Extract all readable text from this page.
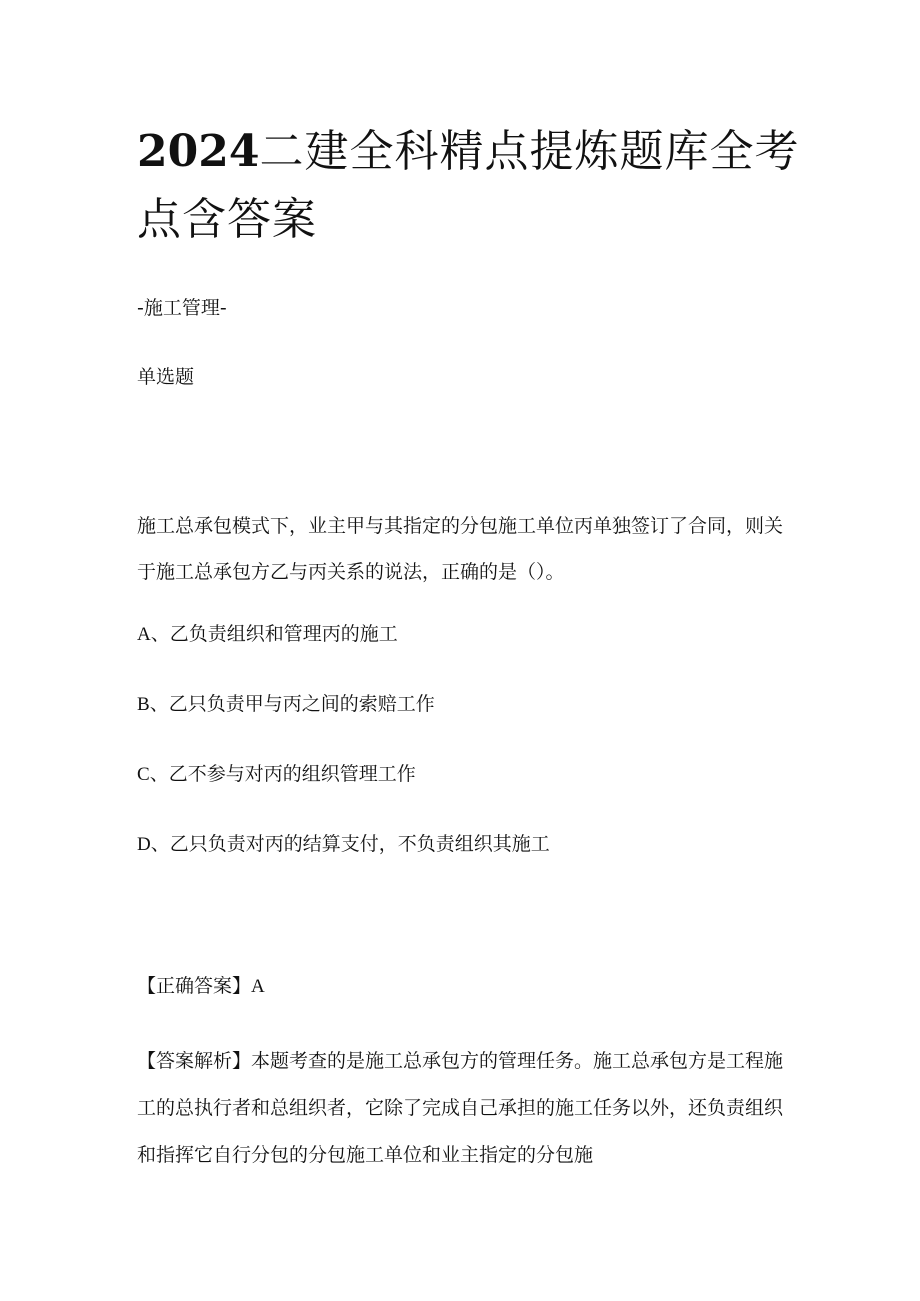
2024二建全科精点提炼题库全考点含答案
-施工管理-
单选题
施工总承包模式下，业主甲与其指定的分包施工单位丙单独签订了合同，则关于施工总承包方乙与丙关系的说法，正确的是（）。
A、乙负责组织和管理丙的施工
B、乙只负责甲与丙之间的索赔工作
C、乙不参与对丙的组织管理工作
D、乙只负责对丙的结算支付，不负责组织其施工
【正确答案】A
【答案解析】本题考查的是施工总承包方的管理任务。施工总承包方是工程施工的总执行者和总组织者，它除了完成自己承担的施工任务以外，还负责组织和指挥它自行分包的分包施工单位和业主指定的分包施
